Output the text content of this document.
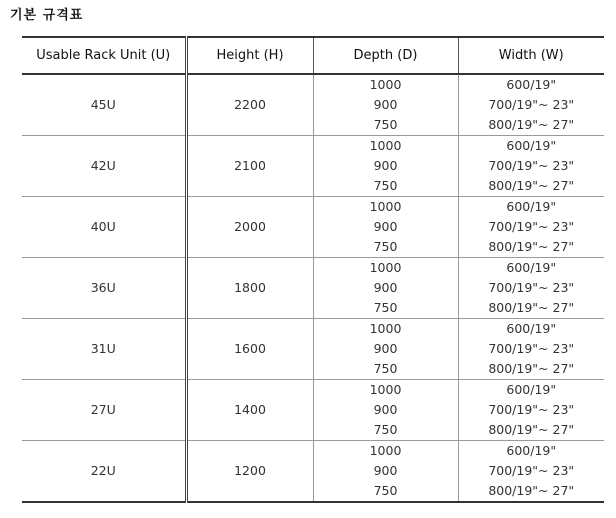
기본 규격표
Usable Rack Unit (U)	Height (H)	Depth (D)	Width (W)
45U	2200	1000	600/19"
		900	700/19"~ 23"
		750	800/19"~ 27"
42U	2100	1000	600/19"
		900	700/19"~ 23"
		750	800/19"~ 27"
40U	2000	1000	600/19"
		900	700/19"~ 23"
		750	800/19"~ 27"
36U	1800	1000	600/19"
		900	700/19"~ 23"
		750	800/19"~ 27"
31U	1600	1000	600/19"
		900	700/19"~ 23"
		750	800/19"~ 27"
27U	1400	1000	600/19"
		900	700/19"~ 23"
		750	800/19"~ 27"
22U	1200	1000	600/19"
		900	700/19"~ 23"
		750	800/19"~ 27"
